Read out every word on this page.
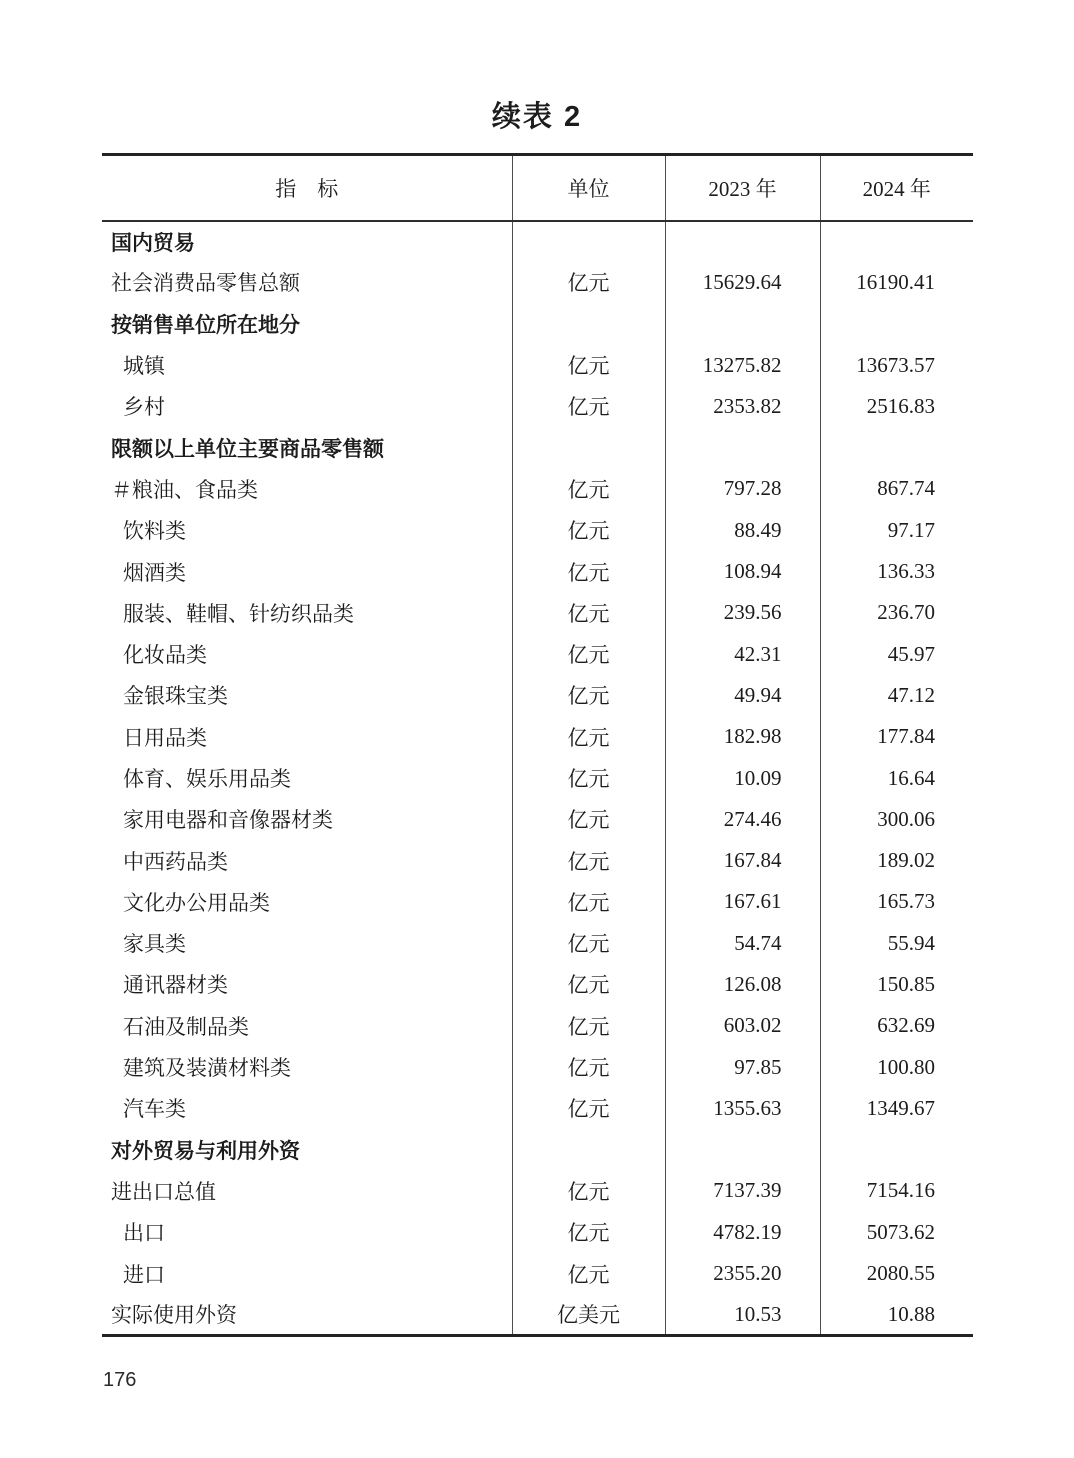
续表 2
指　标	单位	2023 年	2024 年
国内贸易			
社会消费品零售总额	亿元	15629.64	16190.41
按销售单位所在地分			
城镇	亿元	13275.82	13673.57
乡村	亿元	2353.82	2516.83
限额以上单位主要商品零售额			
＃粮油、食品类	亿元	797.28	867.74
饮料类	亿元	88.49	97.17
烟酒类	亿元	108.94	136.33
服装、鞋帽、针纺织品类	亿元	239.56	236.70
化妆品类	亿元	42.31	45.97
金银珠宝类	亿元	49.94	47.12
日用品类	亿元	182.98	177.84
体育、娱乐用品类	亿元	10.09	16.64
家用电器和音像器材类	亿元	274.46	300.06
中西药品类	亿元	167.84	189.02
文化办公用品类	亿元	167.61	165.73
家具类	亿元	54.74	55.94
通讯器材类	亿元	126.08	150.85
石油及制品类	亿元	603.02	632.69
建筑及装潢材料类	亿元	97.85	100.80
汽车类	亿元	1355.63	1349.67
对外贸易与利用外资			
进出口总值	亿元	7137.39	7154.16
出口	亿元	4782.19	5073.62
进口	亿元	2355.20	2080.55
实际使用外资	亿美元	10.53	10.88
176
